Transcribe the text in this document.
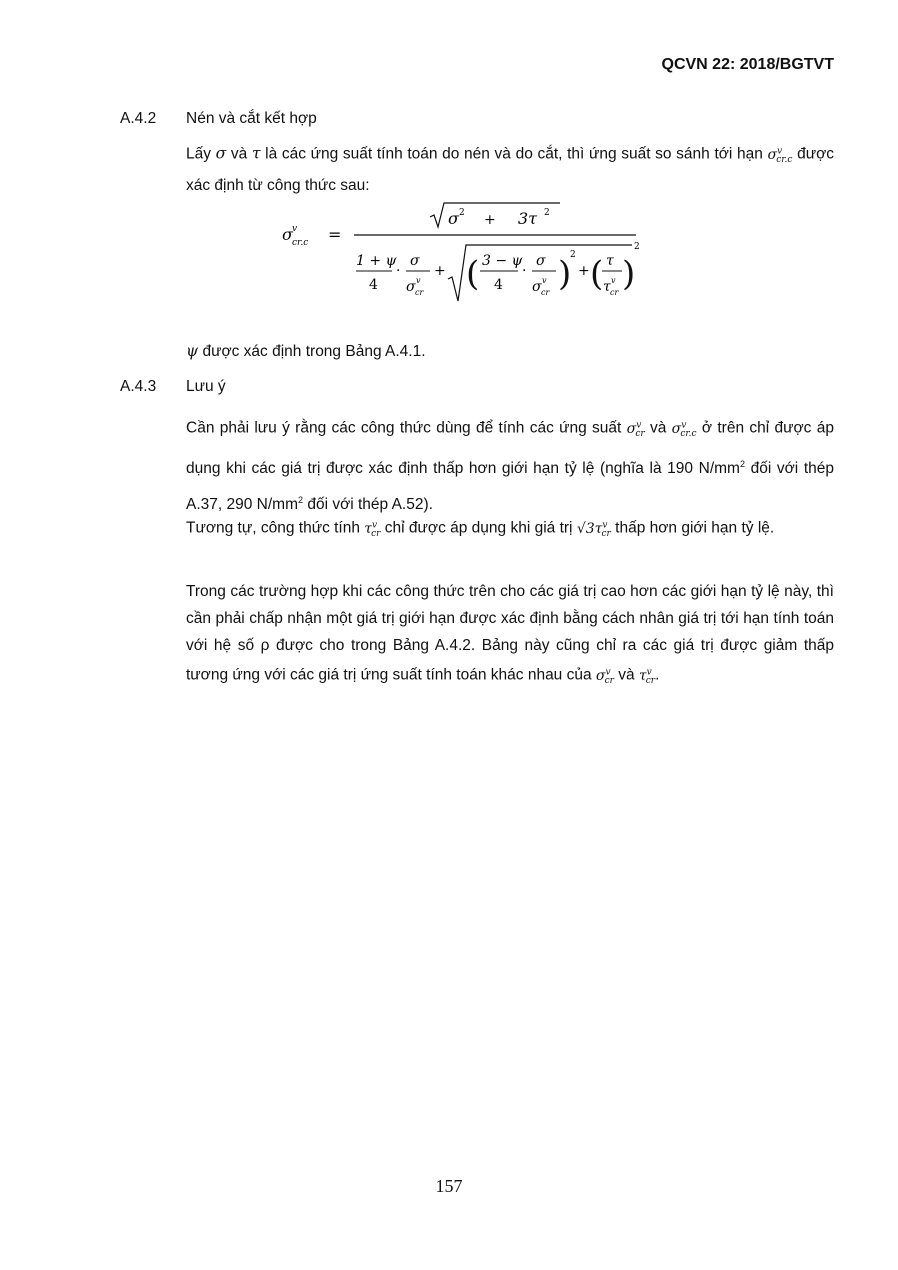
QCVN 22: 2018/BGTVT
A.4.2 Nén và cắt kết hợp
Lấy σ và τ là các ứng suất tính toán do nén và do cắt, thì ứng suất so sánh tới hạn $\sigma^v_{cr.c}$ được xác định từ công thức sau:
σ v
cr.c =
σ 2 + 3τ 2
1 + ψ
4
·
σ
σ v
cr
+ ( 3 − ψ
4
·
σ
σ v
cr )
2
+ ( τ
τ v
cr )
2
ψ được xác định trong Bảng A.4.1.
A.4.3 Lưu ý
Cần phải lưu ý rằng các công thức dùng để tính các ứng suất $\sigma^v_{cr}$ và $\sigma^v_{cr.c}$ ở trên chỉ được áp dụng khi các giá trị được xác định thấp hơn giới hạn tỷ lệ (nghĩa là 190 $N/mm^2$ đối với thép A.37, 290 $N/mm^2$ đối với thép A.52).
Tương tự, công thức tính $\tau^v_{cr}$ chỉ được áp dụng khi giá trị $√3\tau^v_{cr}$ thấp hơn giới hạn tỷ lệ.
Trong các trường hợp khi các công thức trên cho các giá trị cao hơn các giới hạn tỷ lệ này, thì cần phải chấp nhận một giá trị giới hạn được xác định bằng cách nhân giá trị tới hạn tính toán với hệ số ρ được cho trong Bảng A.4.2. Bảng này cũng chỉ ra các giá trị được giảm thấp tương ứng với các giá trị ứng suất tính toán khác nhau của $\sigma^v_{cr}$ và $\tau^v_{cr}$.
157
